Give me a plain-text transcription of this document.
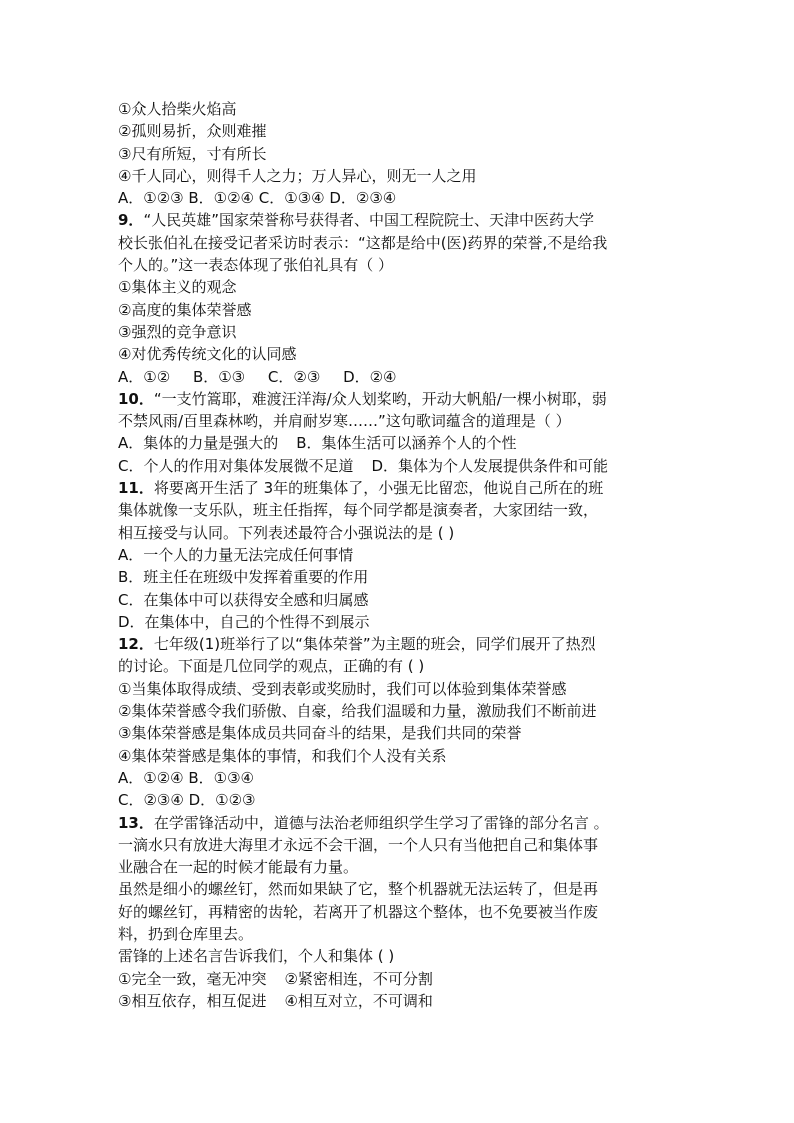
①众人拾柴火焰高
②孤则易折，众则难摧
③尺有所短，寸有所长
④千人同心，则得千人之力；万人异心，则无一人之用
A．①②③ B．①②④ C．①③④ D．②③④
9．“人民英雄”国家荣誉称号获得者、中国工程院院士、天津中医药大学
校长张伯礼在接受记者采访时表示：“这都是给中(医)药界的荣誉,不是给我
个人的。”这一表态体现了张伯礼具有（ ）
①集体主义的观念
②高度的集体荣誉感
③强烈的竞争意识
④对优秀传统文化的认同感
A．①② B．①③ C．②③ D．②④
10．“一支竹篙耶，难渡汪洋海/众人划桨哟，开动大帆船/一棵小树耶，弱
不禁风雨/百里森林哟，并肩耐岁寒……”这句歌词蕴含的道理是（ ）
A．集体的力量是强大的 B．集体生活可以涵养个人的个性
C．个人的作用对集体发展微不足道 D．集体为个人发展提供条件和可能
11．将要离开生活了 3年的班集体了，小强无比留恋，他说自己所在的班
集体就像一支乐队，班主任指挥，每个同学都是演奏者，大家团结一致，
相互接受与认同。下列表述最符合小强说法的是 ( )
A．一个人的力量无法完成任何事情
B．班主任在班级中发挥着重要的作用
C．在集体中可以获得安全感和归属感
D．在集体中，自己的个性得不到展示
12．七年级(1)班举行了以“集体荣誉”为主题的班会，同学们展开了热烈
的讨论。下面是几位同学的观点，正确的有 ( )
①当集体取得成绩、受到表彰或奖励时，我们可以体验到集体荣誉感
②集体荣誉感令我们骄傲、自豪，给我们温暖和力量，激励我们不断前进
③集体荣誉感是集体成员共同奋斗的结果，是我们共同的荣誉
④集体荣誉感是集体的事情，和我们个人没有关系
A．①②④ B．①③④
C．②③④ D．①②③
13．在学雷锋活动中，道德与法治老师组织学生学习了雷锋的部分名言 。
一滴水只有放进大海里才永远不会干涸，一个人只有当他把自己和集体事
业融合在一起的时候才能最有力量。
虽然是细小的螺丝钉，然而如果缺了它，整个机器就无法运转了，但是再
好的螺丝钉，再精密的齿轮，若离开了机器这个整体，也不免要被当作废
料，扔到仓库里去。
雷锋的上述名言告诉我们，个人和集体 ( )
①完全一致，毫无冲突 ②紧密相连，不可分割
③相互依存，相互促进 ④相互对立，不可调和
